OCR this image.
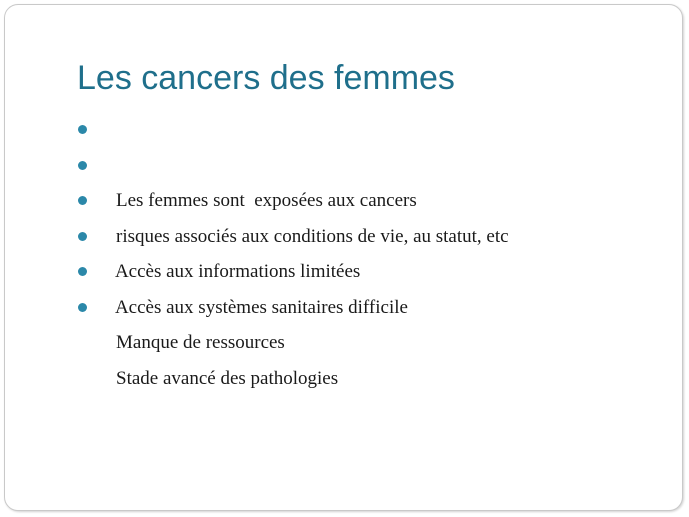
Les cancers des femmes

Les femmes sont  exposées aux cancers

risques associés aux conditions de vie, au statut, etc

Accès aux informations limitées

Accès aux systèmes sanitaires difficile

Manque de ressources

Stade avancé des pathologies
